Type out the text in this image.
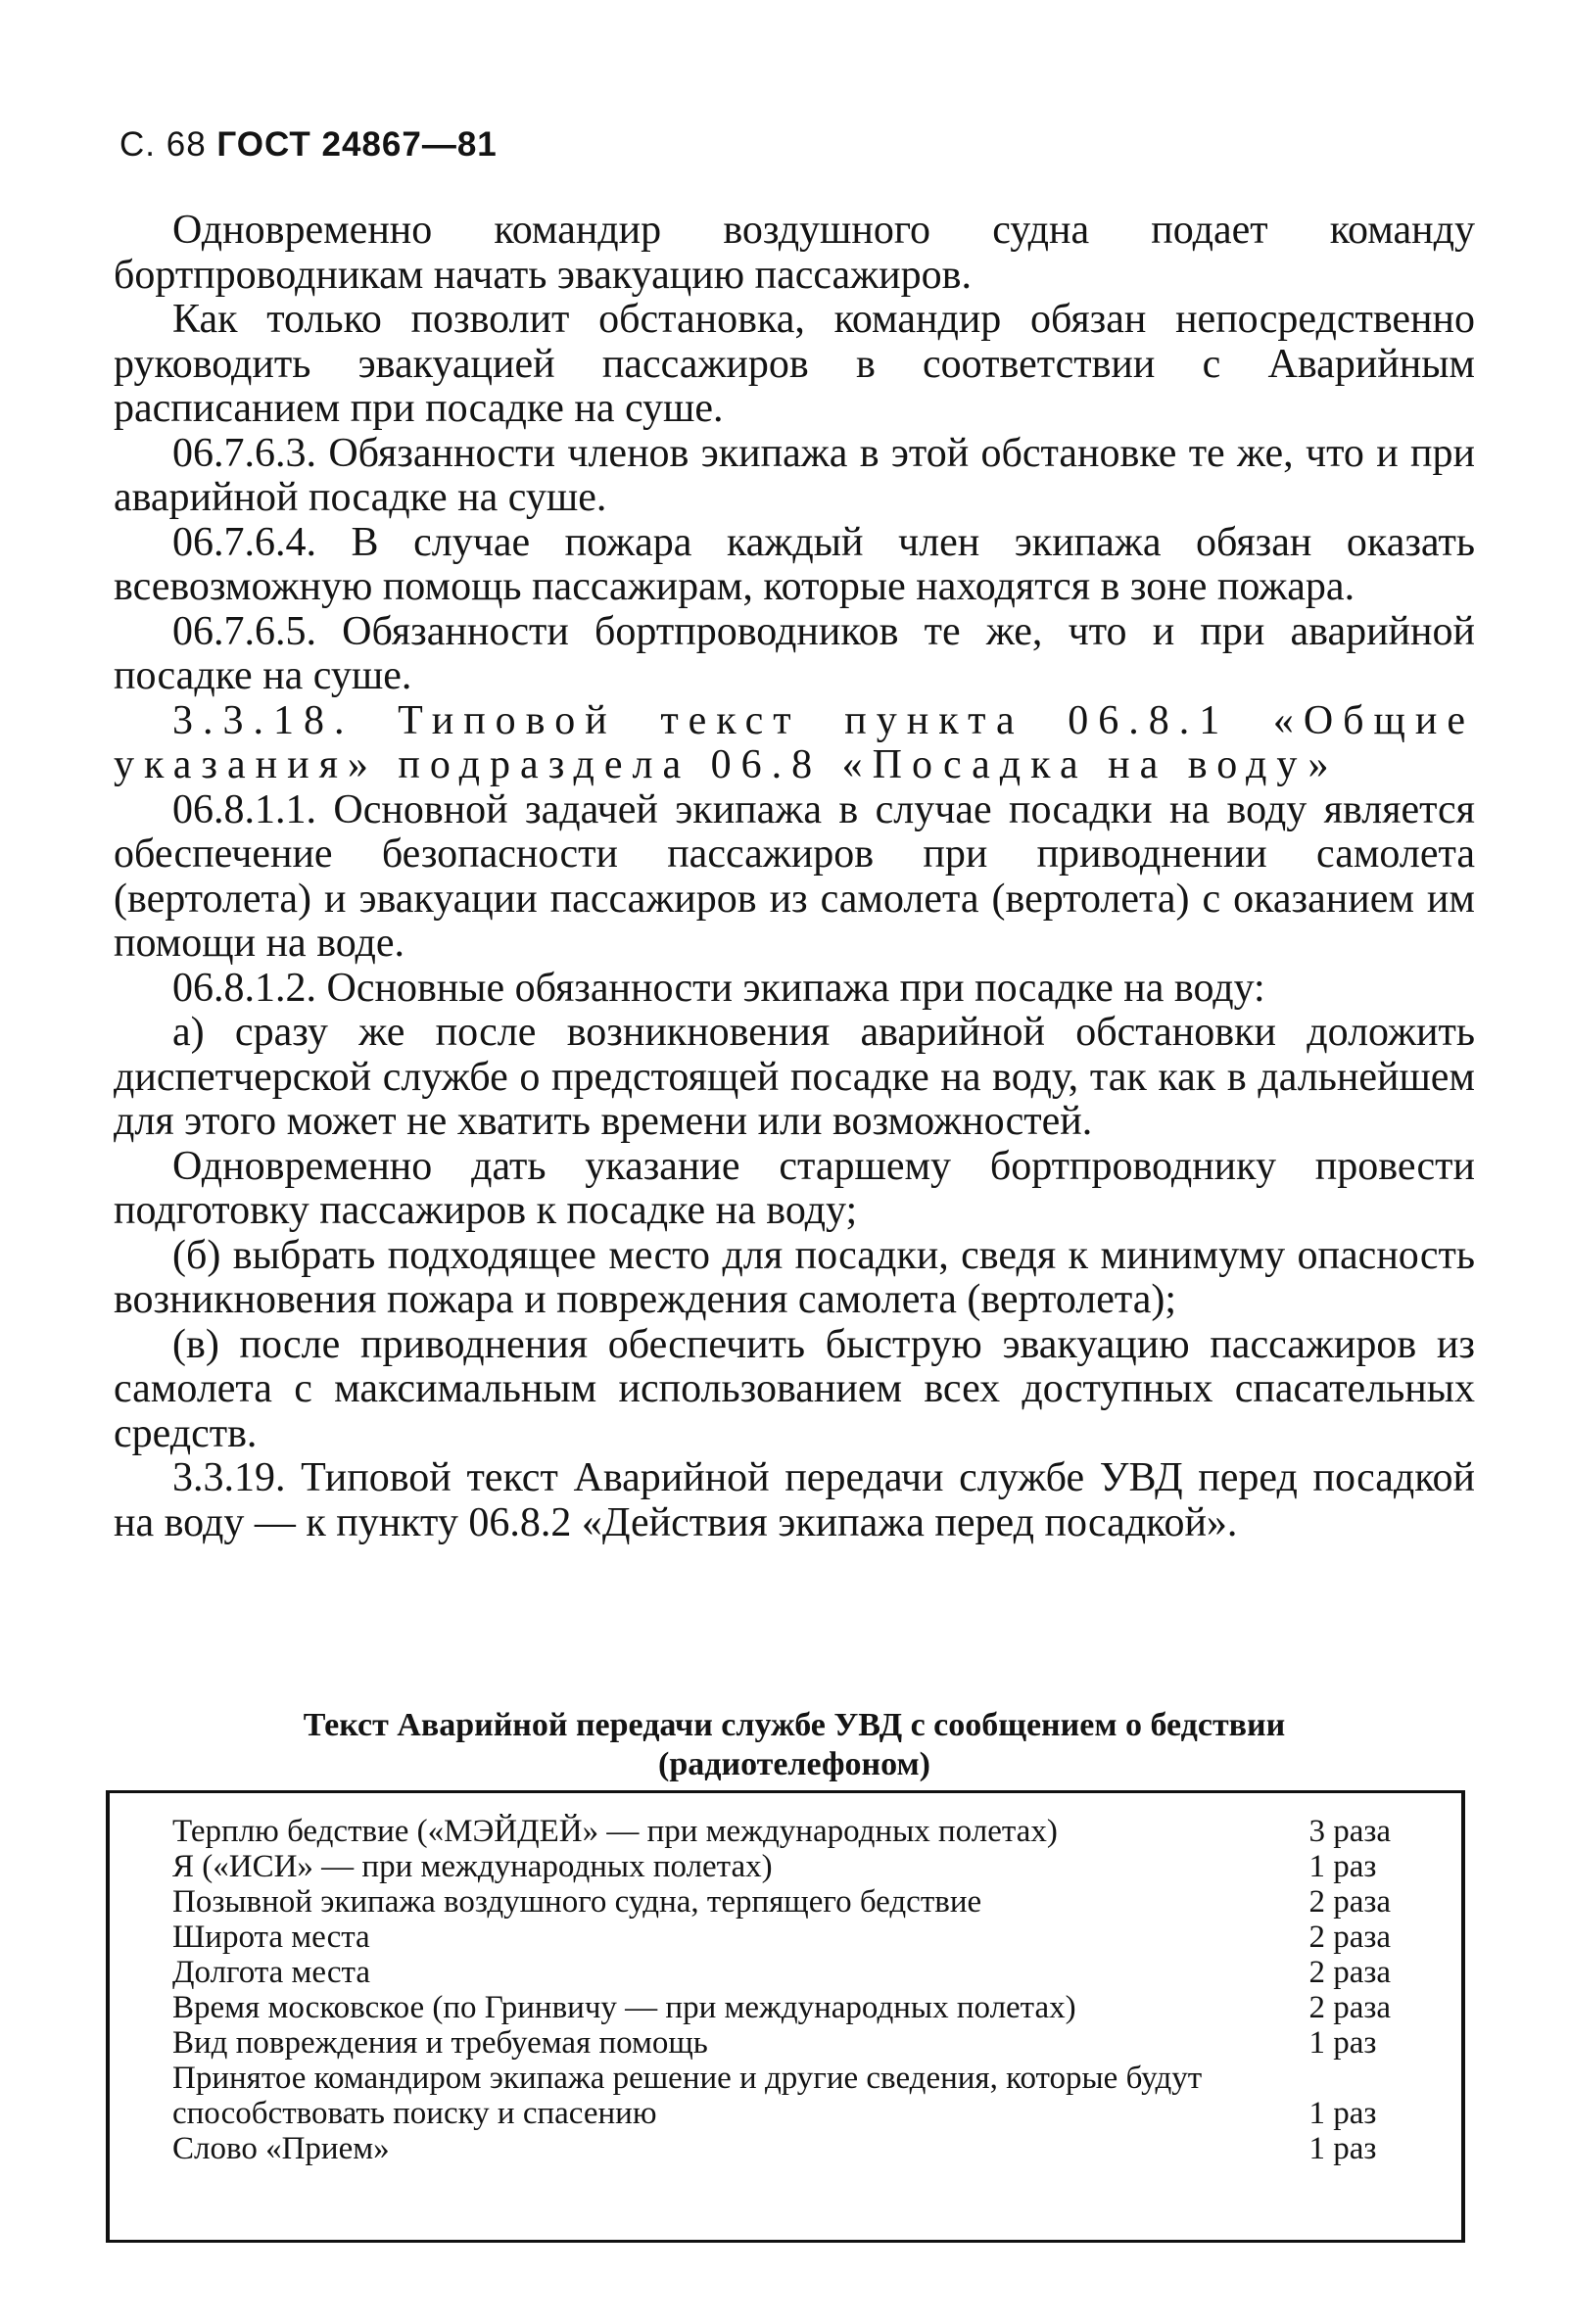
С. 68 ГОСТ 24867—81

Одновременно командир воздушного судна подает команду бортпроводникам начать эвакуацию пассажиров.

Как только позволит обстановка, командир обязан непосредственно руководить эвакуацией пассажиров в соответствии с Аварийным расписанием при посадке на суше.

06.7.6.3. Обязанности членов экипажа в этой обстановке те же, что и при аварийной посадке на суше.

06.7.6.4. В случае пожара каждый член экипажа обязан оказать всевозможную помощь пассажирам, которые находятся в зоне пожара.

06.7.6.5. Обязанности бортпроводников те же, что и при аварийной посадке на суше.

3.3.18. Типовой текст пункта 06.8.1 «Общие указания» подраздела 06.8 «Посадка на воду»

06.8.1.1. Основной задачей экипажа в случае посадки на воду является обеспечение безопасности пассажиров при приводнении самолета (вертолета) и эвакуации пассажиров из самолета (вертолета) с оказанием им помощи на воде.

06.8.1.2. Основные обязанности экипажа при посадке на воду:

а) сразу же после возникновения аварийной обстановки доложить диспетчерской службе о предстоящей посадке на воду, так как в дальнейшем для этого может не хватить времени или возможностей.

Одновременно дать указание старшему бортпроводнику провести подготовку пассажиров к посадке на воду;

(б) выбрать подходящее место для посадки, сведя к минимуму опасность возникновения пожара и повреждения самолета (вертолета);

(в) после приводнения обеспечить быструю эвакуацию пассажиров из самолета с максимальным использованием всех доступных спасательных средств.

3.3.19. Типовой текст Аварийной передачи службе УВД перед посадкой на воду — к пункту 06.8.2 «Действия экипажа перед посадкой».

Текст Аварийной передачи службе УВД с сообщением о бедствии
(радиотелефоном)
Терплю бедствие («МЭЙДЕЙ» — при международных полетах)	3 раза
Я («ИСИ» — при международных полетах)	1 раз
Позывной экипажа воздушного судна, терпящего бедствие	2 раза
Широта места	2 раза
Долгота места	2 раза
Время московское (по Гринвичу — при международных полетах)	2 раза
Вид повреждения и требуемая помощь	1 раз
Принятое командиром экипажа решение и другие сведения, которые будут способствовать поиску и спасению	1 раз
Слово «Прием»	1 раз
